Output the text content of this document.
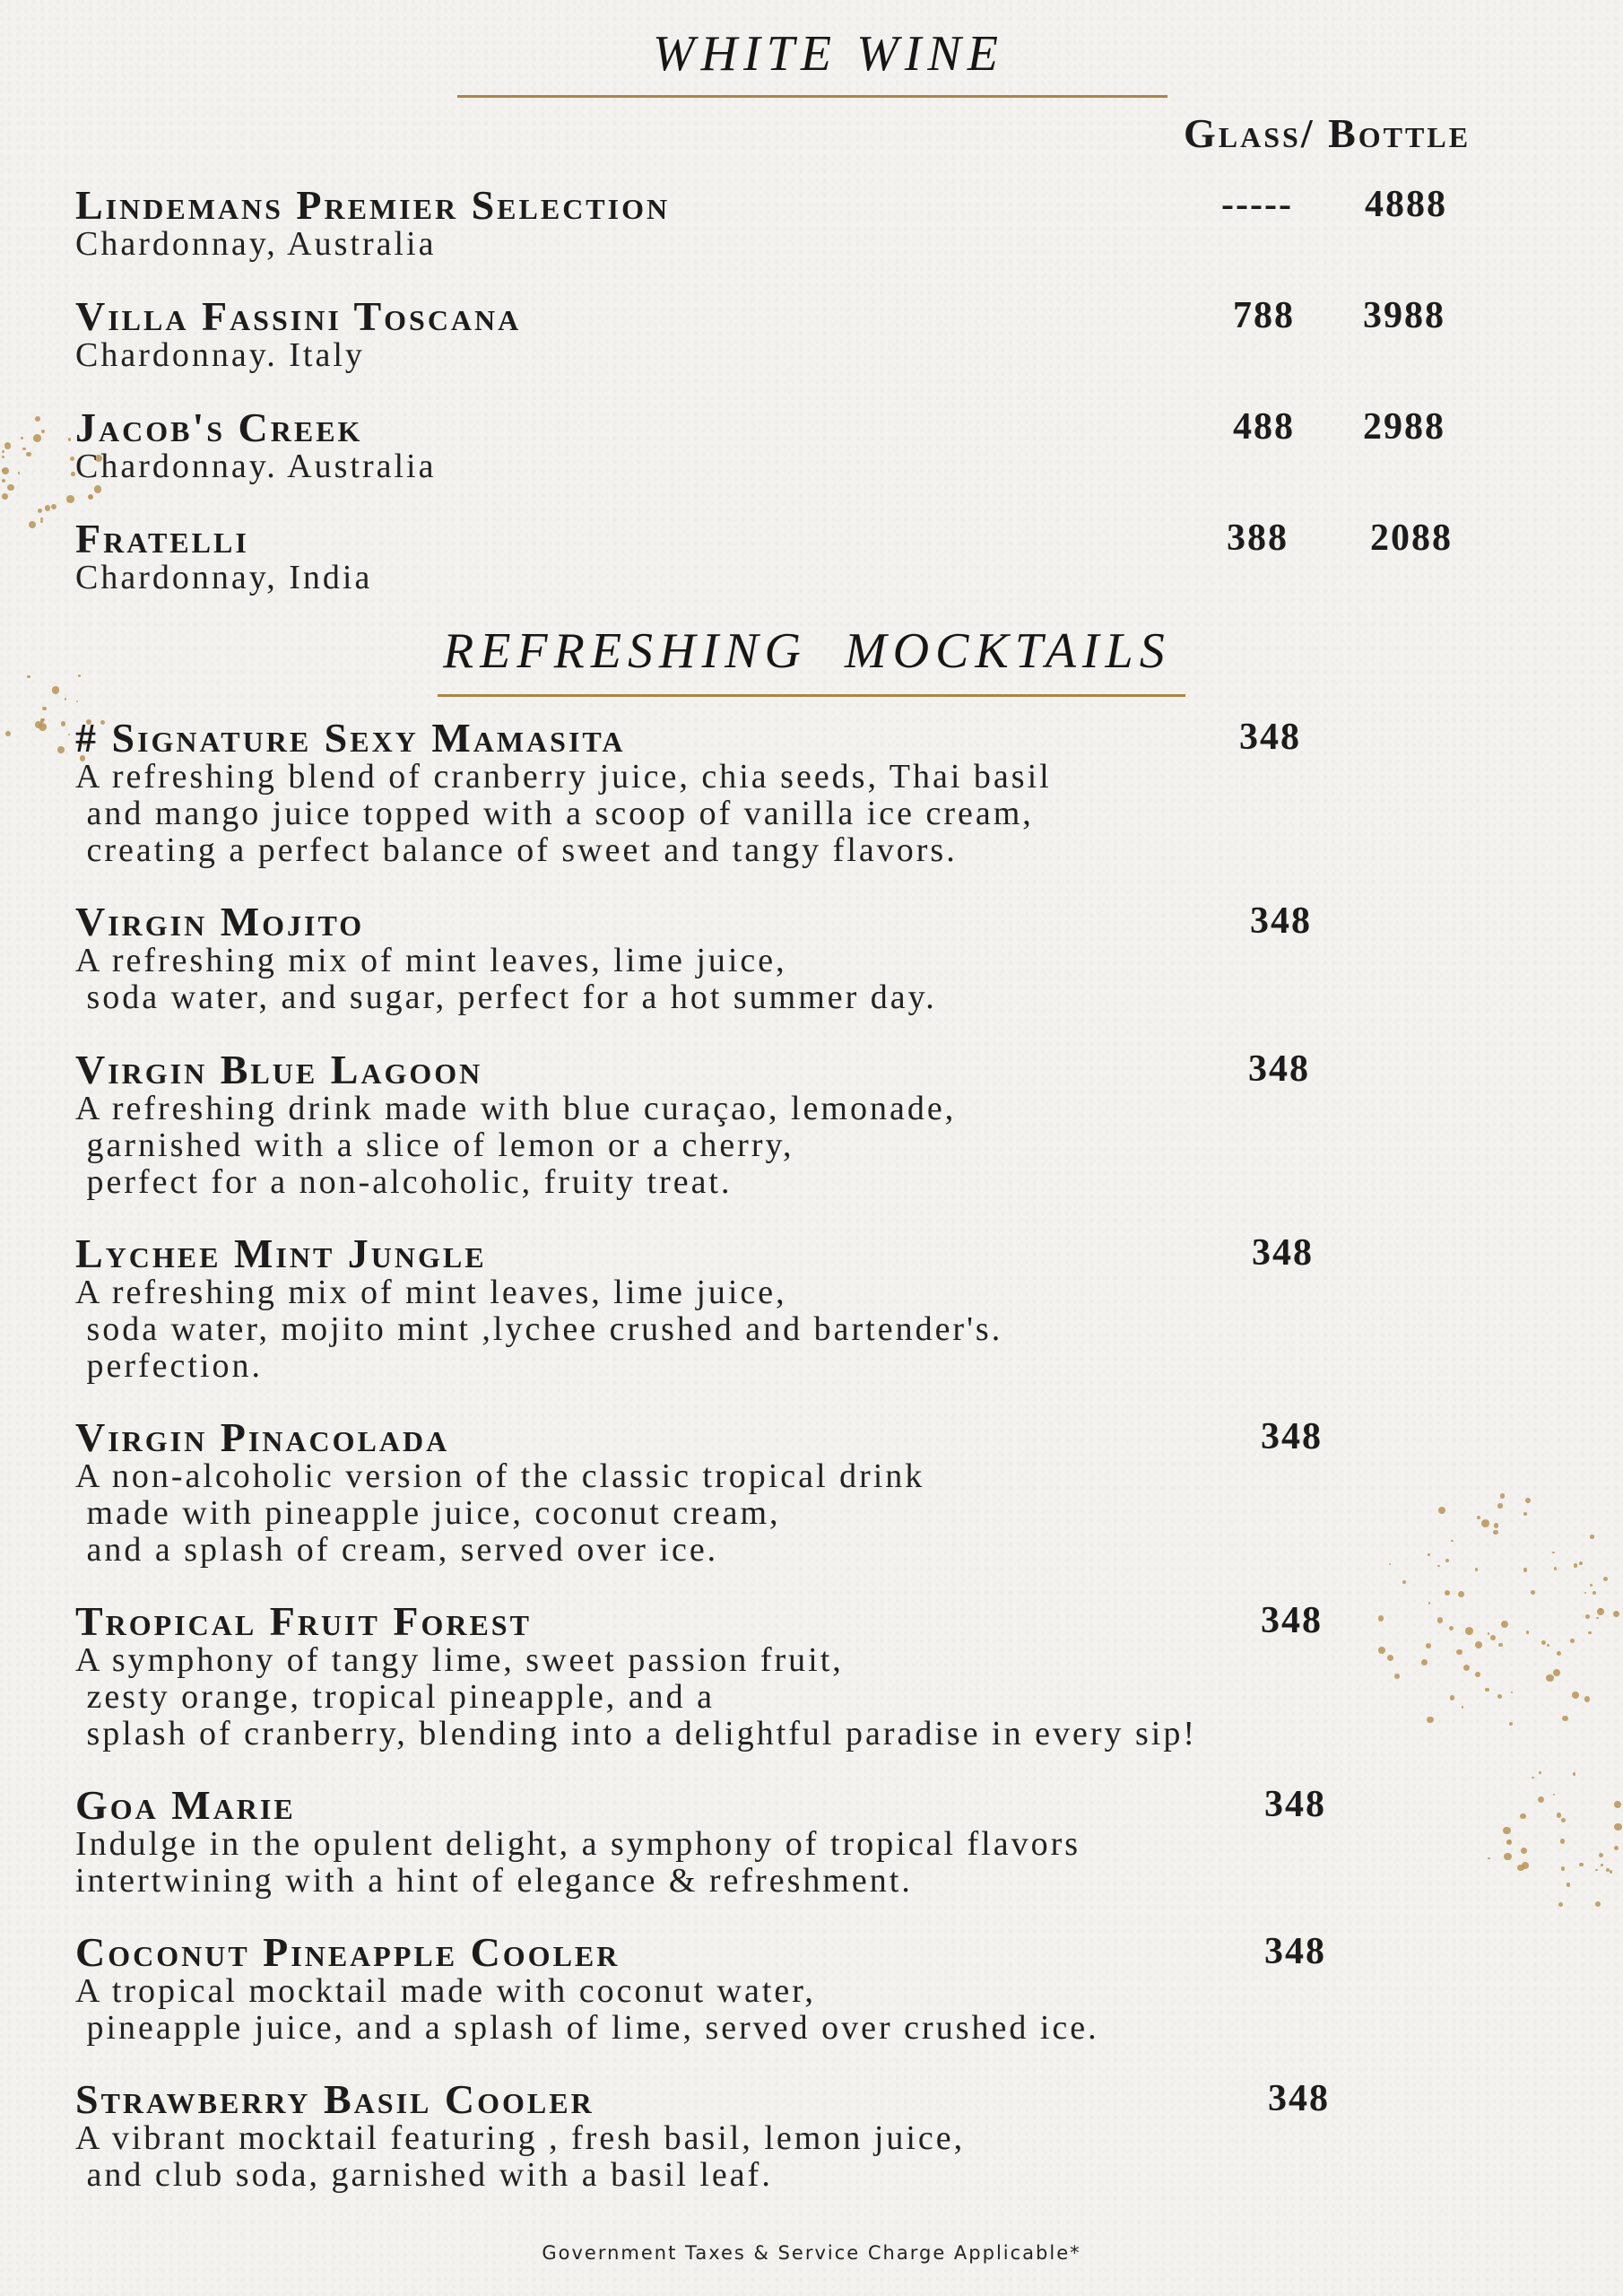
WHITE WINE
Glass/ Bottle
Lindemans Premier Selection
Chardonnay, Australia
----- 4888
Villa Fassini Toscana
Chardonnay. Italy
788 3988
Jacob's Creek
Chardonnay. Australia
488 2988
Fratelli
Chardonnay, India
388 2088
REFRESHING  MOCKTAILS
# Signature Sexy Mamasita
A refreshing blend of cranberry juice, chia seeds, Thai basil
and mango juice topped with a scoop of vanilla ice cream,
creating a perfect balance of sweet and tangy flavors.
348
Virgin Mojito
A refreshing mix of mint leaves, lime juice,
soda water, and sugar, perfect for a hot summer day.
348
Virgin Blue Lagoon
A refreshing drink made with blue curaçao, lemonade,
garnished with a slice of lemon or a cherry,
perfect for a non-alcoholic, fruity treat.
348
Lychee Mint Jungle
A refreshing mix of mint leaves, lime juice,
soda water, mojito mint ,lychee crushed and bartender's.
perfection.
348
Virgin Pinacolada
A non-alcoholic version of the classic tropical drink
made with pineapple juice, coconut cream,
and a splash of cream, served over ice.
348
Tropical Fruit Forest
A symphony of tangy lime, sweet passion fruit,
zesty orange, tropical pineapple, and a
splash of cranberry, blending into a delightful paradise in every sip!
348
Goa Marie
Indulge in the opulent delight, a symphony of tropical flavors
intertwining with a hint of elegance & refreshment.
348
Coconut Pineapple Cooler
A tropical mocktail made with coconut water,
pineapple juice, and a splash of lime, served over crushed ice.
348
Strawberry Basil Cooler
A vibrant mocktail featuring , fresh basil, lemon juice,
and club soda, garnished with a basil leaf.
348
Government Taxes & Service Charge Applicable*
